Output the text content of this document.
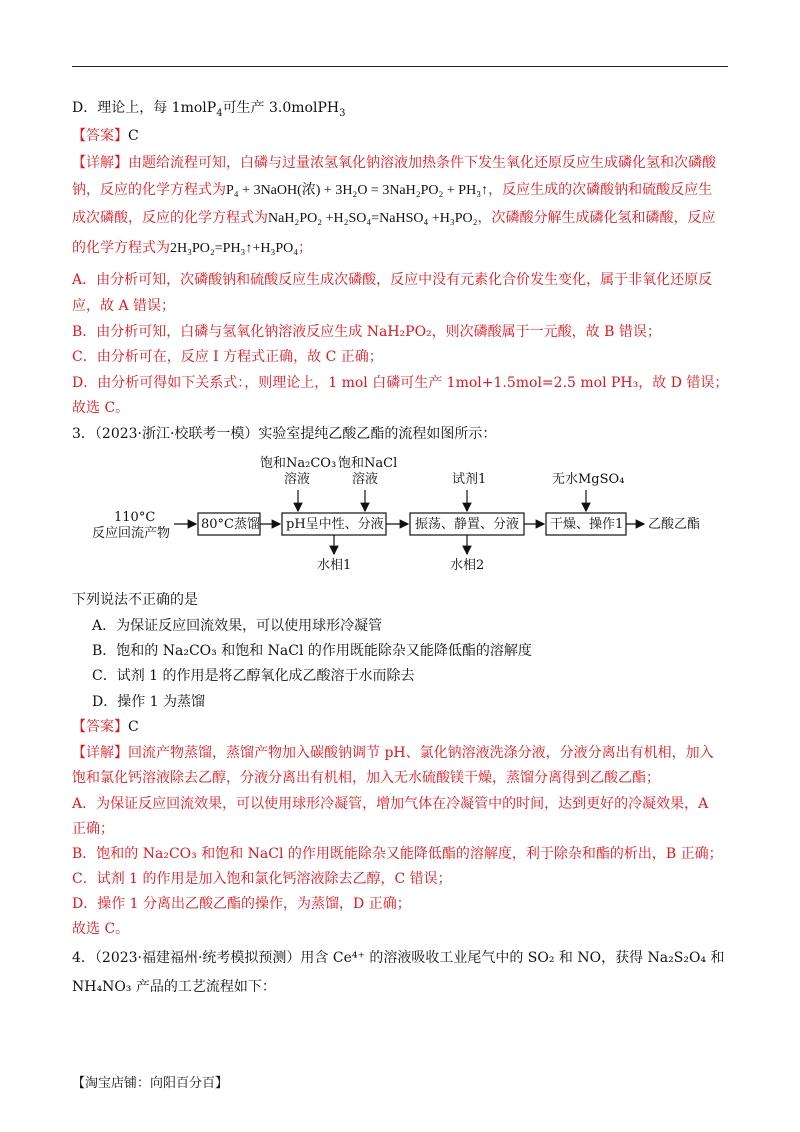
D．理论上，每 1molP$_4$可生产 3.0molPH$_3$
【答案】C
【详解】由题给流程可知，白磷与过量浓氢氧化钠溶液加热条件下发生氧化还原反应生成磷化氢和次磷酸
钠，反应的化学方程式为P₄ + 3NaOH(浓) + 3H₂O = 3NaH₂PO₂ + PH₃↑，反应生成的次磷酸钠和硫酸反应生
成次磷酸，反应的化学方程式为NaH₂PO₂ +H₂SO₄=NaHSO₄ +H₃PO₂，次磷酸分解生成磷化氢和磷酸，反应
的化学方程式为2H₃PO₂=PH₃↑+H₃PO₄；
A．由分析可知，次磷酸钠和硫酸反应生成次磷酸，反应中没有元素化合价发生变化，属于非氧化还原反
应，故 A 错误；
B．由分析可知，白磷与氢氧化钠溶液反应生成 NaH₂PO₂，则次磷酸属于一元酸，故 B 错误；
C．由分析可在，反应 I 方程式正确，故 C 正确；
D．由分析可得如下关系式：，则理论上，1 mol 白磷可生产 1mol+1.5mol=2.5 mol PH₃，故 D 错误；
故选 C。
3．（2023·浙江·校联考一模）实验室提纯乙酸乙酯的流程如图所示：
110°C
反应回流产物
80°C蒸馏 pH呈中性、分液 振荡、静置、分液 干燥、操作1 乙酸乙酯
饱和Na₂CO₃
溶液
饱和NaCl
溶液	试剂1	无水MgSO₄
水相1	水相2
下列说法不正确的是
A．为保证反应回流效果，可以使用球形冷凝管
B．饱和的 Na₂CO₃ 和饱和 NaCl 的作用既能除杂又能降低酯的溶解度
C．试剂 1 的作用是将乙醇氧化成乙酸溶于水而除去
D．操作 1 为蒸馏
【答案】C
【详解】回流产物蒸馏，蒸馏产物加入碳酸钠调节 pH、氯化钠溶液洗涤分液，分液分离出有机相，加入
饱和氯化钙溶液除去乙醇，分液分离出有机相，加入无水硫酸镁干燥，蒸馏分离得到乙酸乙酯；
A．为保证反应回流效果，可以使用球形冷凝管，增加气体在冷凝管中的时间，达到更好的冷凝效果，A
正确；
B．饱和的 Na₂CO₃ 和饱和 NaCl 的作用既能除杂又能降低酯的溶解度，利于除杂和酯的析出，B 正确；
C．试剂 1 的作用是加入饱和氯化钙溶液除去乙醇，C 错误；
D．操作 1 分离出乙酸乙酯的操作，为蒸馏，D 正确；
故选 C。
4．（2023·福建福州·统考模拟预测）用含 Ce⁴⁺ 的溶液吸收工业尾气中的 SO₂ 和 NO，获得 Na₂S₂O₄ 和
NH₄NO₃ 产品的工艺流程如下：
【淘宝店铺：向阳百分百】
